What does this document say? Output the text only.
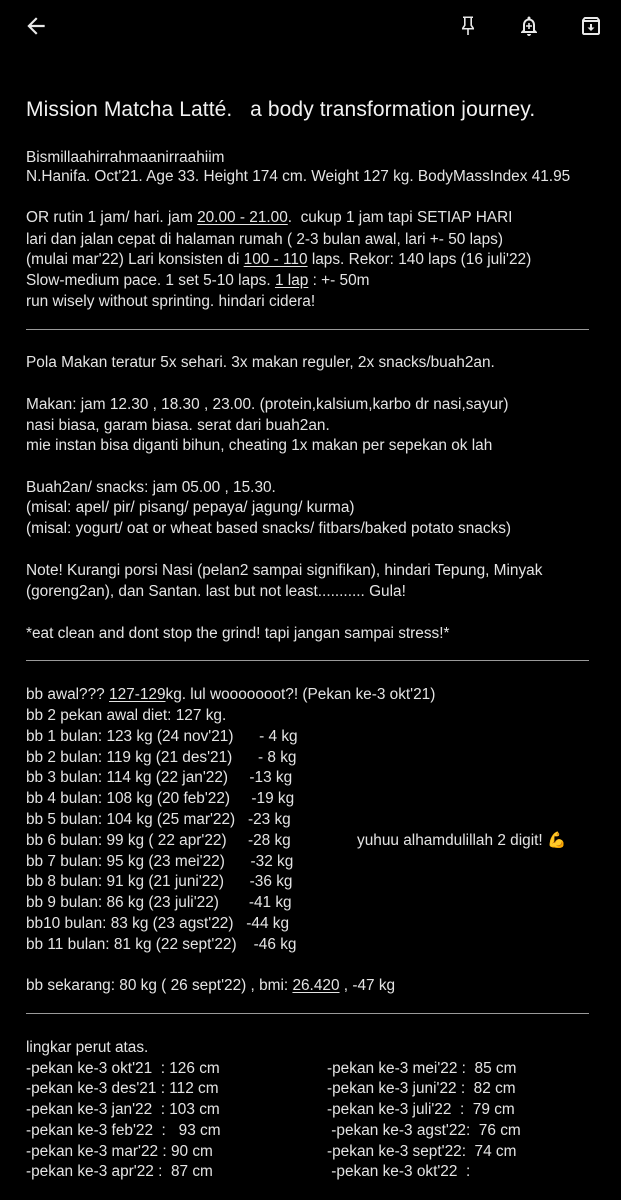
Mission Matcha Latté.   a body transformation journey.
Bismillaahirrahmaanirraahiim
N.Hanifa. Oct'21. Age 33. Height 174 cm. Weight 127 kg. BodyMassIndex 41.95
OR rutin 1 jam/ hari. jam 20.00 - 21.00.  cukup 1 jam tapi SETIAP HARI
lari dan jalan cepat di halaman rumah ( 2-3 bulan awal, lari +- 50 laps)
(mulai mar'22) Lari konsisten di 100 - 110 laps. Rekor: 140 laps (16 juli'22)
Slow-medium pace. 1 set 5-10 laps. 1 lap : +- 50m
run wisely without sprinting. hindari cidera!
Pola Makan teratur 5x sehari. 3x makan reguler, 2x snacks/buah2an.
Makan: jam 12.30 , 18.30 , 23.00. (protein,kalsium,karbo dr nasi,sayur)
nasi biasa, garam biasa. serat dari buah2an.
mie instan bisa diganti bihun, cheating 1x makan per sepekan ok lah
Buah2an/ snacks: jam 05.00 , 15.30.
(misal: apel/ pir/ pisang/ pepaya/ jagung/ kurma)
(misal: yogurt/ oat or wheat based snacks/ fitbars/baked potato snacks)
Note! Kurangi porsi Nasi (pelan2 sampai signifikan), hindari Tepung, Minyak
(goreng2an), dan Santan. last but not least........... Gula!
*eat clean and dont stop the grind! tapi jangan sampai stress!*
bb awal??? 127-129kg. lul wooooooot?! (Pekan ke-3 okt'21)
bb 2 pekan awal diet: 127 kg.
bb 1 bulan: 123 kg (24 nov'21)      - 4 kg
bb 2 bulan: 119 kg (21 des'21)      - 8 kg
bb 3 bulan: 114 kg (22 jan'22)     -13 kg
bb 4 bulan: 108 kg (20 feb'22)     -19 kg
bb 5 bulan: 104 kg (25 mar'22)   -23 kg
bb 6 bulan: 99 kg ( 22 apr'22)     -28 kg
bb 7 bulan: 95 kg (23 mei'22)      -32 kg
bb 8 bulan: 91 kg (21 juni'22)      -36 kg
bb 9 bulan: 86 kg (23 juli'22)       -41 kg
bb10 bulan: 83 kg (23 agst'22)   -44 kg
bb 11 bulan: 81 kg (22 sept'22)    -46 kg
yuhuu alhamdulillah 2 digit! 💪
bb sekarang: 80 kg ( 26 sept'22) , bmi: 26.420 , -47 kg
lingkar perut atas.
-pekan ke-3 okt'21  : 126 cm
-pekan ke-3 des'21 : 112 cm
-pekan ke-3 jan'22  : 103 cm
-pekan ke-3 feb'22  :   93 cm
-pekan ke-3 mar'22 : 90 cm
-pekan ke-3 apr'22 :  87 cm
-pekan ke-3 mei'22 :  85 cm
-pekan ke-3 juni'22 :  82 cm
-pekan ke-3 juli'22  :  79 cm
-pekan ke-3 agst'22:  76 cm
-pekan ke-3 sept'22:  74 cm
-pekan ke-3 okt'22  :
